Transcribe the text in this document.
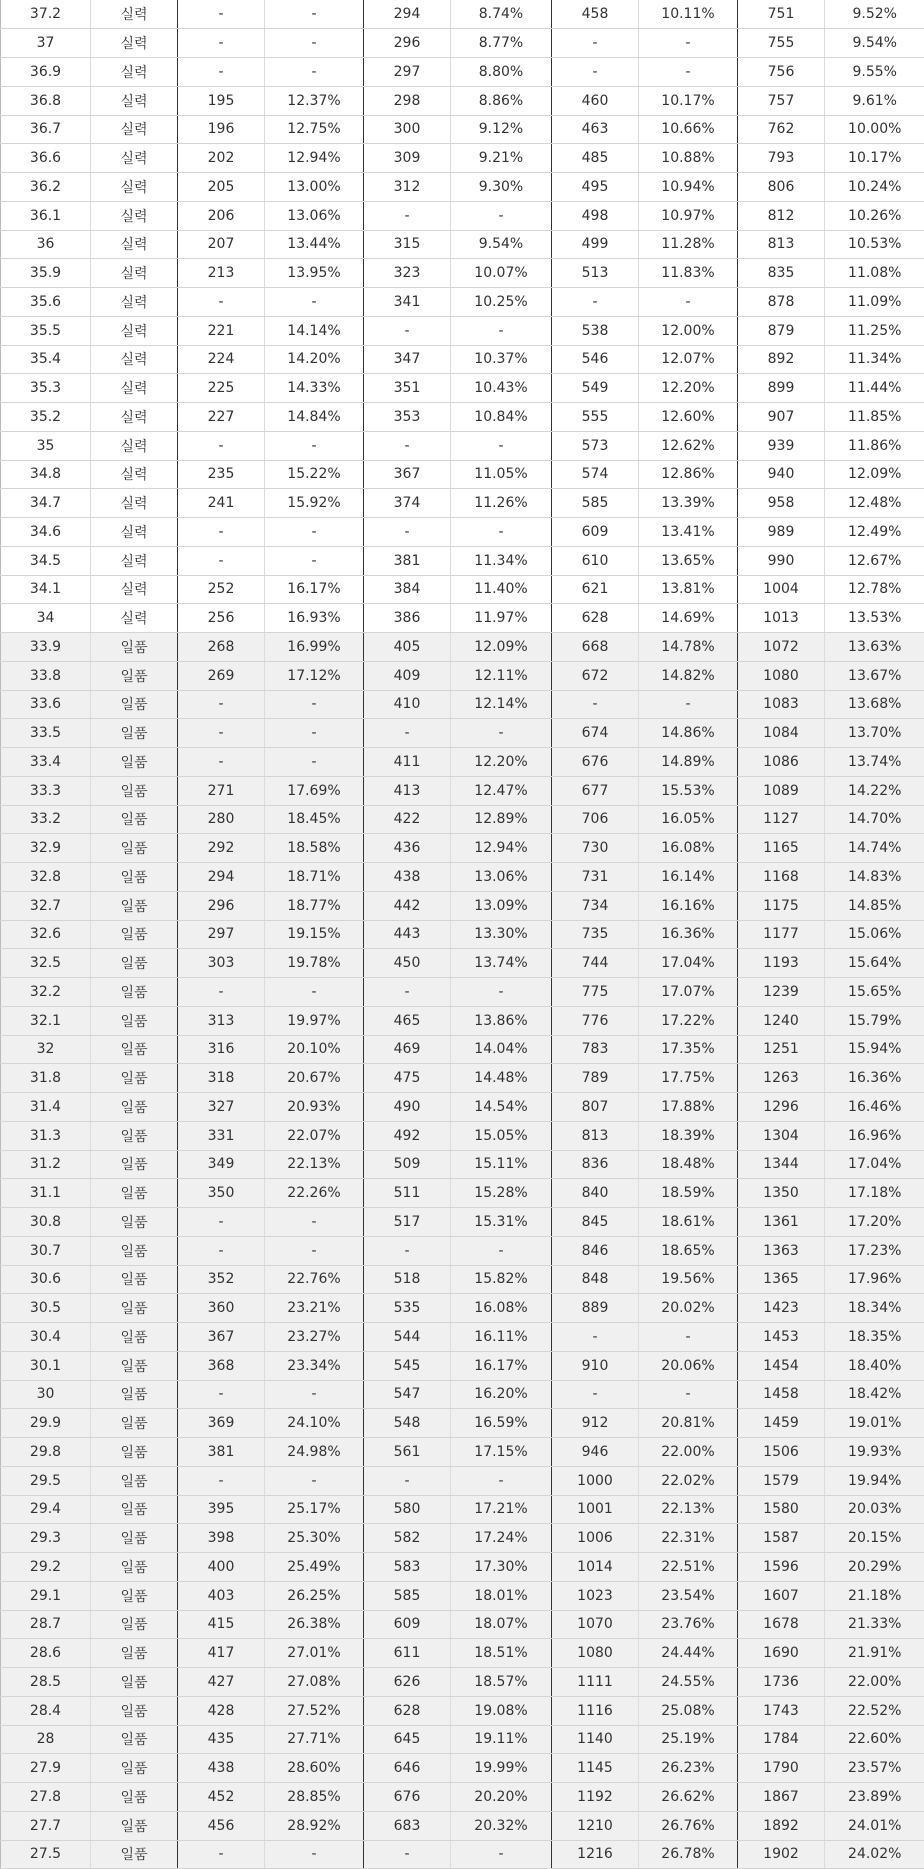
37.2	실력	-	-	294	8.74%	458	10.11%	751	9.52%
37	실력	-	-	296	8.77%	-	-	755	9.54%
36.9	실력	-	-	297	8.80%	-	-	756	9.55%
36.8	실력	195	12.37%	298	8.86%	460	10.17%	757	9.61%
36.7	실력	196	12.75%	300	9.12%	463	10.66%	762	10.00%
36.6	실력	202	12.94%	309	9.21%	485	10.88%	793	10.17%
36.2	실력	205	13.00%	312	9.30%	495	10.94%	806	10.24%
36.1	실력	206	13.06%	-	-	498	10.97%	812	10.26%
36	실력	207	13.44%	315	9.54%	499	11.28%	813	10.53%
35.9	실력	213	13.95%	323	10.07%	513	11.83%	835	11.08%
35.6	실력	-	-	341	10.25%	-	-	878	11.09%
35.5	실력	221	14.14%	-	-	538	12.00%	879	11.25%
35.4	실력	224	14.20%	347	10.37%	546	12.07%	892	11.34%
35.3	실력	225	14.33%	351	10.43%	549	12.20%	899	11.44%
35.2	실력	227	14.84%	353	10.84%	555	12.60%	907	11.85%
35	실력	-	-	-	-	573	12.62%	939	11.86%
34.8	실력	235	15.22%	367	11.05%	574	12.86%	940	12.09%
34.7	실력	241	15.92%	374	11.26%	585	13.39%	958	12.48%
34.6	실력	-	-	-	-	609	13.41%	989	12.49%
34.5	실력	-	-	381	11.34%	610	13.65%	990	12.67%
34.1	실력	252	16.17%	384	11.40%	621	13.81%	1004	12.78%
34	실력	256	16.93%	386	11.97%	628	14.69%	1013	13.53%
33.9	일품	268	16.99%	405	12.09%	668	14.78%	1072	13.63%
33.8	일품	269	17.12%	409	12.11%	672	14.82%	1080	13.67%
33.6	일품	-	-	410	12.14%	-	-	1083	13.68%
33.5	일품	-	-	-	-	674	14.86%	1084	13.70%
33.4	일품	-	-	411	12.20%	676	14.89%	1086	13.74%
33.3	일품	271	17.69%	413	12.47%	677	15.53%	1089	14.22%
33.2	일품	280	18.45%	422	12.89%	706	16.05%	1127	14.70%
32.9	일품	292	18.58%	436	12.94%	730	16.08%	1165	14.74%
32.8	일품	294	18.71%	438	13.06%	731	16.14%	1168	14.83%
32.7	일품	296	18.77%	442	13.09%	734	16.16%	1175	14.85%
32.6	일품	297	19.15%	443	13.30%	735	16.36%	1177	15.06%
32.5	일품	303	19.78%	450	13.74%	744	17.04%	1193	15.64%
32.2	일품	-	-	-	-	775	17.07%	1239	15.65%
32.1	일품	313	19.97%	465	13.86%	776	17.22%	1240	15.79%
32	일품	316	20.10%	469	14.04%	783	17.35%	1251	15.94%
31.8	일품	318	20.67%	475	14.48%	789	17.75%	1263	16.36%
31.4	일품	327	20.93%	490	14.54%	807	17.88%	1296	16.46%
31.3	일품	331	22.07%	492	15.05%	813	18.39%	1304	16.96%
31.2	일품	349	22.13%	509	15.11%	836	18.48%	1344	17.04%
31.1	일품	350	22.26%	511	15.28%	840	18.59%	1350	17.18%
30.8	일품	-	-	517	15.31%	845	18.61%	1361	17.20%
30.7	일품	-	-	-	-	846	18.65%	1363	17.23%
30.6	일품	352	22.76%	518	15.82%	848	19.56%	1365	17.96%
30.5	일품	360	23.21%	535	16.08%	889	20.02%	1423	18.34%
30.4	일품	367	23.27%	544	16.11%	-	-	1453	18.35%
30.1	일품	368	23.34%	545	16.17%	910	20.06%	1454	18.40%
30	일품	-	-	547	16.20%	-	-	1458	18.42%
29.9	일품	369	24.10%	548	16.59%	912	20.81%	1459	19.01%
29.8	일품	381	24.98%	561	17.15%	946	22.00%	1506	19.93%
29.5	일품	-	-	-	-	1000	22.02%	1579	19.94%
29.4	일품	395	25.17%	580	17.21%	1001	22.13%	1580	20.03%
29.3	일품	398	25.30%	582	17.24%	1006	22.31%	1587	20.15%
29.2	일품	400	25.49%	583	17.30%	1014	22.51%	1596	20.29%
29.1	일품	403	26.25%	585	18.01%	1023	23.54%	1607	21.18%
28.7	일품	415	26.38%	609	18.07%	1070	23.76%	1678	21.33%
28.6	일품	417	27.01%	611	18.51%	1080	24.44%	1690	21.91%
28.5	일품	427	27.08%	626	18.57%	1111	24.55%	1736	22.00%
28.4	일품	428	27.52%	628	19.08%	1116	25.08%	1743	22.52%
28	일품	435	27.71%	645	19.11%	1140	25.19%	1784	22.60%
27.9	일품	438	28.60%	646	19.99%	1145	26.23%	1790	23.57%
27.8	일품	452	28.85%	676	20.20%	1192	26.62%	1867	23.89%
27.7	일품	456	28.92%	683	20.32%	1210	26.76%	1892	24.01%
27.5	일품	-	-	-	-	1216	26.78%	1902	24.02%
